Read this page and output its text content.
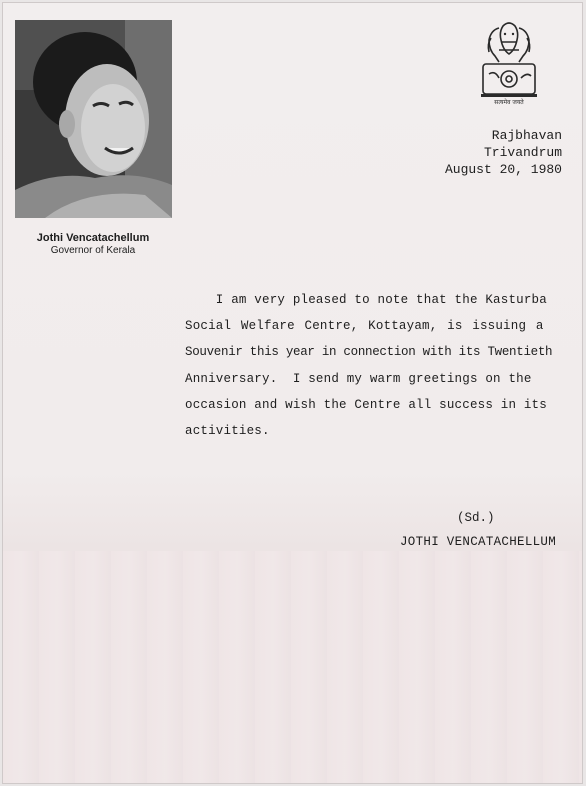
Jothi Vencatachellum
Governor of Kerala
सत्यमेव जयते
Rajbhavan
Trivandrum
August 20, 1980
I am very pleased to note that the Kasturba
Social Welfare Centre, Kottayam, is issuing a
Souvenir this year in connection with its Twentieth
Anniversary.  I send my warm greetings on the
occasion and wish the Centre all success in its
activities.
(Sd.)
JOTHI VENCATACHELLUM
